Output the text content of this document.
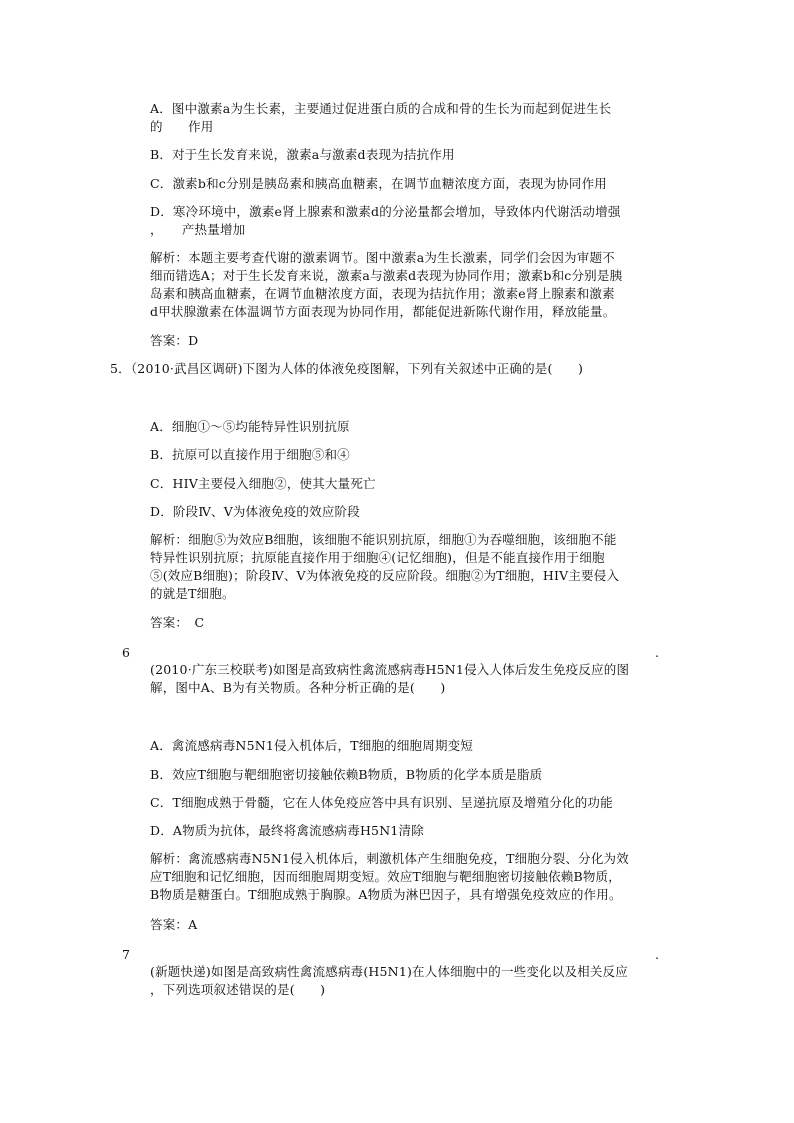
A．图中激素a为生长素，主要通过促进蛋白质的合成和骨的生长为而起到促进生长
的　　作用
B．对于生长发育来说，激素a与激素d表现为拮抗作用
C．激素b和c分别是胰岛素和胰高血糖素，在调节血糖浓度方面，表现为协同作用
D．寒冷环境中，激素e肾上腺素和激素d的分泌量都会增加，导致体内代谢活动增强
，　　产热量增加
解析：本题主要考查代谢的激素调节。图中激素a为生长激素，同学们会因为审题不
细而错选A；对于生长发育来说，激素a与激素d表现为协同作用；激素b和c分别是胰
岛素和胰高血糖素，在调节血糖浓度方面，表现为拮抗作用；激素e肾上腺素和激素
d甲状腺激素在体温调节方面表现为协同作用，都能促进新陈代谢作用，释放能量。
答案：D
5．（2010·武昌区调研)下图为人体的体液免疫图解，下列有关叙述中正确的是(　　)
A．细胞①～⑤均能特异性识别抗原
B．抗原可以直接作用于细胞⑤和④
C．HIV主要侵入细胞②，使其大量死亡
D．阶段Ⅳ、Ⅴ为体液免疫的效应阶段
解析：细胞⑤为效应B细胞，该细胞不能识别抗原，细胞①为吞噬细胞，该细胞不能
特异性识别抗原；抗原能直接作用于细胞④(记忆细胞)，但是不能直接作用于细胞
⑤(效应B细胞)；阶段Ⅳ、Ⅴ为体液免疫的反应阶段。细胞②为T细胞，HIV主要侵入
的就是T细胞。
答案：　C
6	.
(2010·广东三校联考)如图是高致病性禽流感病毒H5N1侵入人体后发生免疫反应的图
解，图中A、B为有关物质。各种分析正确的是(　　)
A．禽流感病毒N5N1侵入机体后，T细胞的细胞周期变短
B．效应T细胞与靶细胞密切接触依赖B物质，B物质的化学本质是脂质
C．T细胞成熟于骨髓，它在人体免疫应答中具有识别、呈递抗原及增殖分化的功能
D．A物质为抗体，最终将禽流感病毒H5N1清除
解析：禽流感病毒N5N1侵入机体后，刺激机体产生细胞免疫，T细胞分裂、分化为效
应T细胞和记忆细胞，因而细胞周期变短。效应T细胞与靶细胞密切接触依赖B物质，
B物质是糖蛋白。T细胞成熟于胸腺。A物质为淋巴因子，具有增强免疫效应的作用。
答案：A
7	.
(新题快递)如图是高致病性禽流感病毒(H5N1)在人体细胞中的一些变化以及相关反应
，下列选项叙述错误的是(　　)
